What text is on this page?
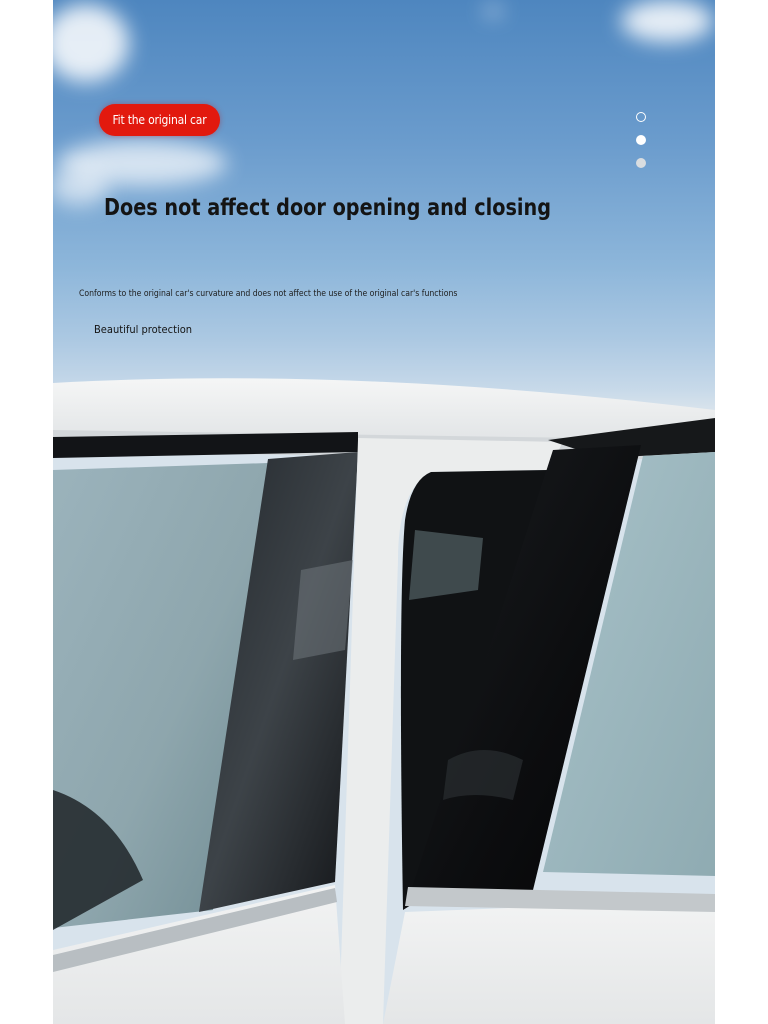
Fit the original car
Does not affect door opening and closing
Conforms to the original car's curvature and does not affect the use of the original car's functions
Beautiful protection
